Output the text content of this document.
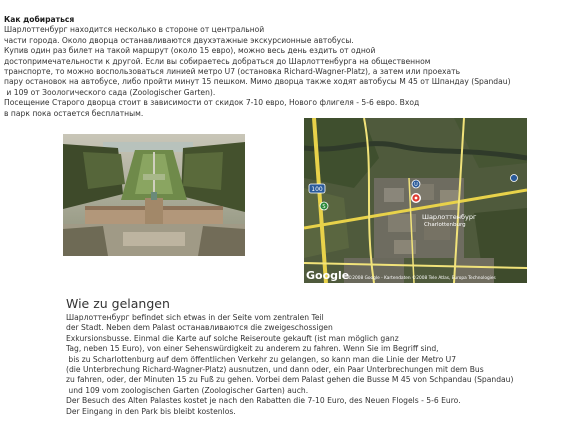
Как добираться
Шарлоттенбург находится несколько в стороне от центральной
части города. Около дворца останавливаются двухэтажные экскурсионные автобусы.
Купив один раз билет на такой маршрут (около 15 евро), можно весь день ездить от одной
достопримечательности к другой. Если вы собираетесь добраться до Шарлоттенбурга на общественном
транспорте, то можно воспользоваться линией метро U7 (остановка Richard-Wagner-Platz), а затем или проехать
пару остановок на автобусе, либо пройти минут 15 пешком. Мимо дворца также ходят автобусы M 45 от Шпандау (Spandau)
и 109 от Зоологического сада (Zoologischer Garten).
Посещение Старого дворца стоит в зависимости от скидок 7-10 евро, Нового флигеля - 5-6 евро. Вход
в парк пока остается бесплатным.
100
S
U
Шарлоттенбург
Charlottenburg
Google
©2008 Google - Kartendaten ©2008 Tele Atlas, Europa Technologies
Wie zu gelangen
Шарлоттенбург befindet sich etwas in der Seite vom zentralen Teil
der Stadt. Neben dem Palast останавливаются die zweigeschossigen
Exkursionsbusse. Einmal die Karte auf solche Reiseroute gekauft (ist man möglich ganz
Tag, neben 15 Euro), von einer Sehenswürdigkeit zu anderem zu fahren. Wenn Sie im Begriff sind,
bis zu Scharlottenburg auf dem öffentlichen Verkehr zu gelangen, so kann man die Linie der Metro U7
(die Unterbrechung Richard-Wagner-Platz) ausnutzen, und dann oder, ein Paar Unterbrechungen mit dem Bus
zu fahren, oder, der Minuten 15 zu Fuß zu gehen. Vorbei dem Palast gehen die Busse M 45 von Schpandau (Spandau)
und 109 vom zoologischen Garten (Zoologischer Garten) auch.
Der Besuch des Alten Palastes kostet je nach den Rabatten die 7-10 Euro, des Neuen Flogels - 5-6 Euro.
Der Eingang in den Park bis bleibt kostenlos.
